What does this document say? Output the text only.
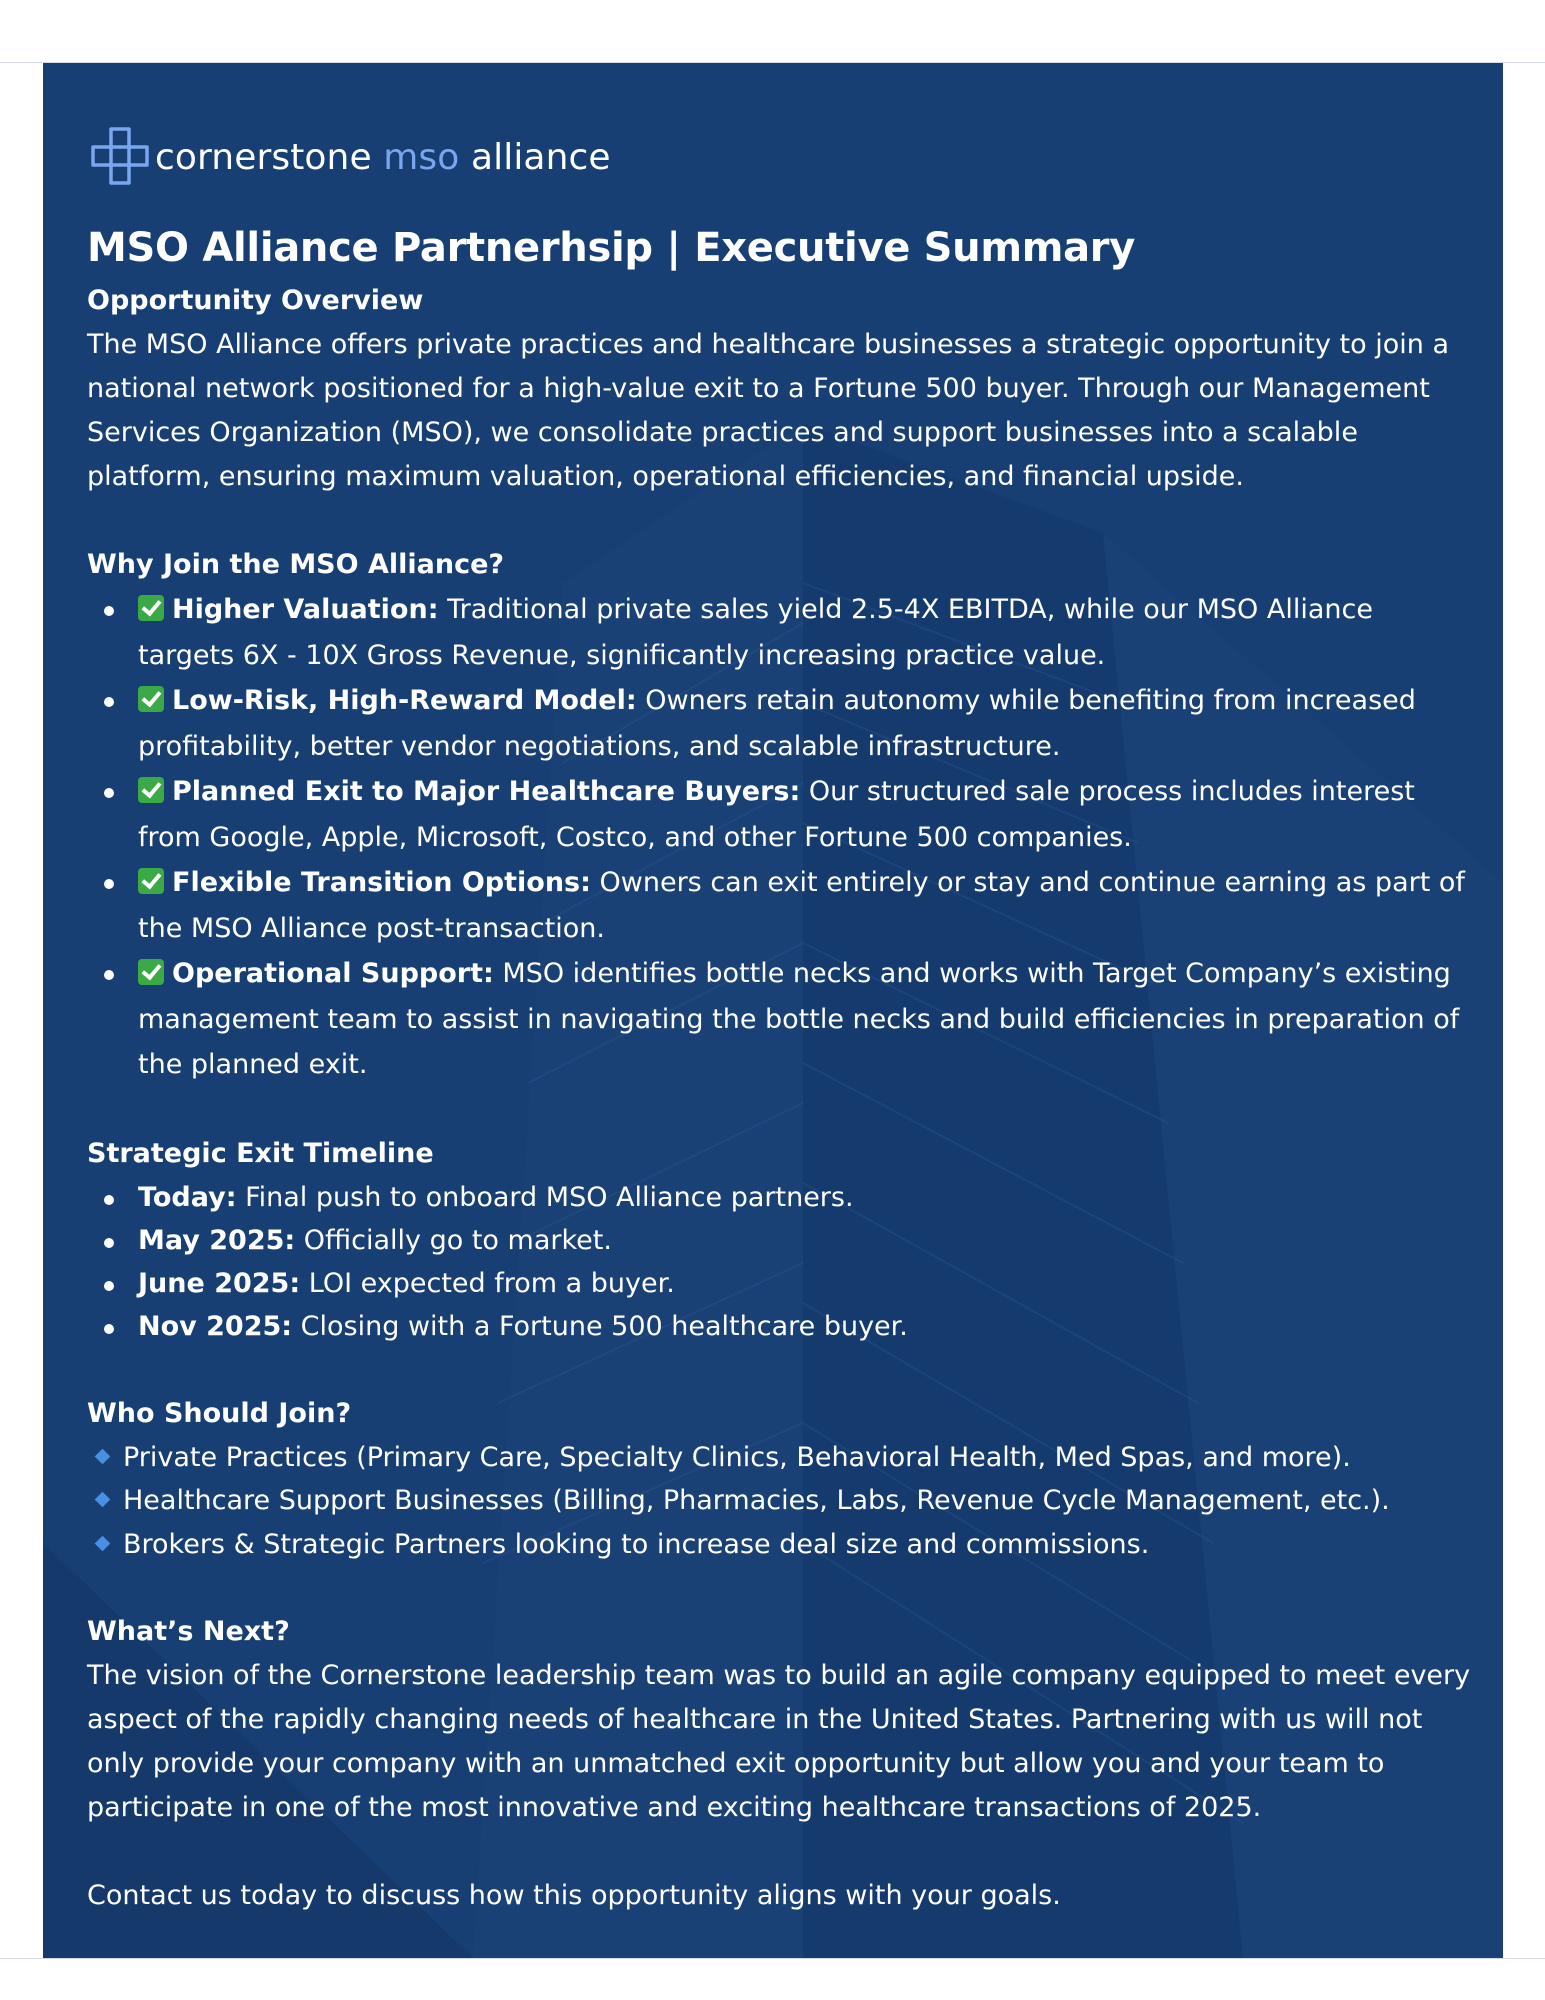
cornerstone mso alliance
MSO Alliance Partnerhsip | Executive Summary
Opportunity Overview

The MSO Alliance offers private practices and healthcare businesses a strategic opportunity to join a national network positioned for a high-value exit to a Fortune 500 buyer. Through our Management Services Organization (MSO), we consolidate practices and support businesses into a scalable platform, ensuring maximum valuation, operational efficiencies, and financial upside.

Why Join the MSO Alliance?
Higher Valuation: Traditional private sales yield 2.5-4X EBITDA, while our MSO Alliance targets 6X - 10X Gross Revenue, significantly increasing practice value.
Low-Risk, High-Reward Model: Owners retain autonomy while benefiting from increased profitability, better vendor negotiations, and scalable infrastructure.
Planned Exit to Major Healthcare Buyers: Our structured sale process includes interest from Google, Apple, Microsoft, Costco, and other Fortune 500 companies.
Flexible Transition Options: Owners can exit entirely or stay and continue earning as part of the MSO Alliance post-transaction.
Operational Support: MSO identifies bottle necks and works with Target Company’s existing management team to assist in navigating the bottle necks and build efficiencies in preparation of the planned exit.
Strategic Exit Timeline
Today: Final push to onboard MSO Alliance partners.
May 2025: Officially go to market.
June 2025: LOI expected from a buyer.
Nov 2025: Closing with a Fortune 500 healthcare buyer.
Who Should Join?
Private Practices (Primary Care, Specialty Clinics, Behavioral Health, Med Spas, and more).
Healthcare Support Businesses (Billing, Pharmacies, Labs, Revenue Cycle Management, etc.).
Brokers & Strategic Partners looking to increase deal size and commissions.
What’s Next?

The vision of the Cornerstone leadership team was to build an agile company equipped to meet every aspect of the rapidly changing needs of healthcare in the United States. Partnering with us will not only provide your company with an unmatched exit opportunity but allow you and your team to participate in one of the most innovative and exciting healthcare transactions of 2025.

Contact us today to discuss how this opportunity aligns with your goals.
